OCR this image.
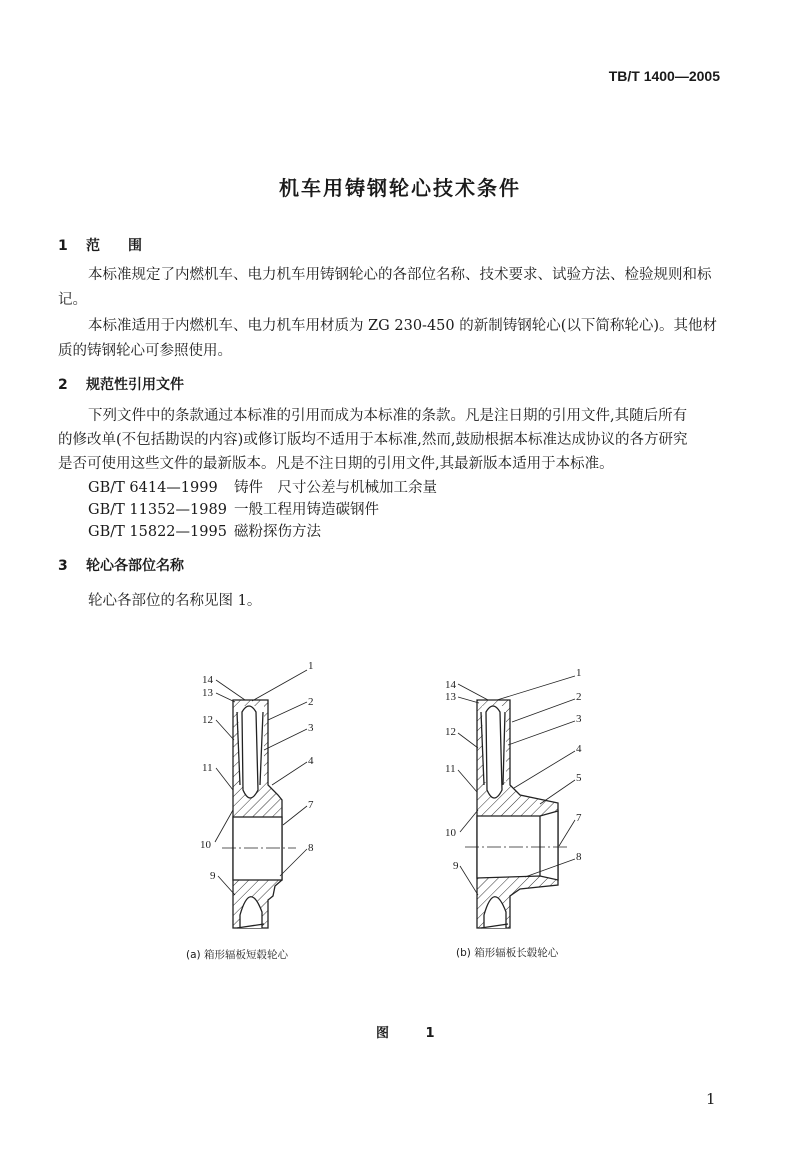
TB/T 1400—2005
机车用铸钢轮心技术条件
1 范　　围
本标准规定了内燃机车、电力机车用铸钢轮心的各部位名称、技术要求、试验方法、检验规则和标
记。
本标准适用于内燃机车、电力机车用材质为 ZG 230-450 的新制铸钢轮心(以下简称轮心)。其他材
质的铸钢轮心可参照使用。
2 规范性引用文件
下列文件中的条款通过本标准的引用而成为本标准的条款。凡是注日期的引用文件,其随后所有
的修改单(不包括勘误的内容)或修订版均不适用于本标准,然而,鼓励根据本标准达成协议的各方研究
是否可使用这些文件的最新版本。凡是不注日期的引用文件,其最新版本适用于本标准。
GB/T 6414—1999 铸件　尺寸公差与机械加工余量
GB/T 11352—1989 一般工程用铸造碳钢件
GB/T 15822—1995 磁粉探伤方法
3 轮心各部位名称
轮心各部位的名称见图 1。
14
13
12
11
10
9
1
2
3
4
7
8
14
13
12
11
10
9
1
2
3
4
5
7
8
(a) 箱形辐板短毂轮心	(b) 箱形辐板长毂轮心
图 1
1
